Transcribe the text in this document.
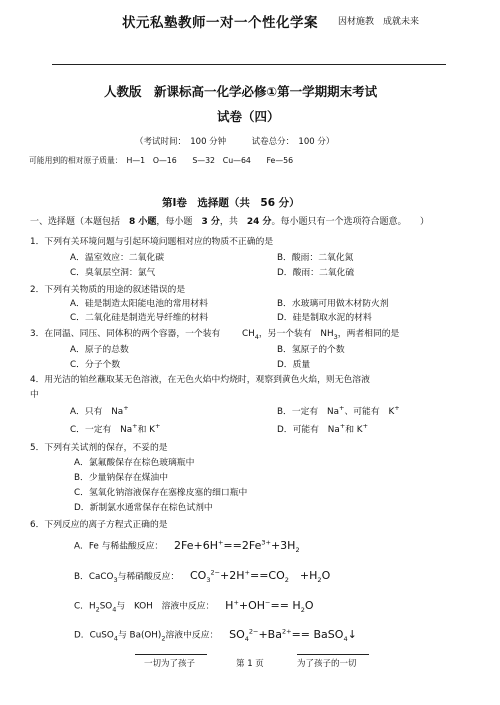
状元私塾教师一对一个性化学案 因材施教　成就未来
人教版　新课标高一化学必修①第一学期期末考试
试卷（四）
（考试时间：　100 分钟　　　试卷总分：　100 分）
可能用到的相对原子质量：　H—1　O—16　　S—32　Cu—64　　Fe—56
第Ⅰ卷　选择题（共　56 分）
一、选择题（本题包括　8 小题，每小题　3 分，共　24 分。每小题只有一个选项符合题意。　　）
1．下列有关环境问题与引起环境问题相对应的物质不正确的是
A．温室效应：二氧化碳	B．酸雨：二氧化氮
C．臭氧层空洞：氯气	D．酸雨：二氧化硫
2．下列有关物质的用途的叙述错误的是
A．硅是制造太阳能电池的常用材料	B．水玻璃可用做木材防火剂
C．二氧化硅是制造光导纤维的材料	D．硅是制取水泥的材料
3．在同温、同压、同体积的两个容器，一个装有 $CH_4$，另一个装有　$NH_3$，两者相同的是
A．原子的总数	B．氢原子的个数
C．分子个数	D．质量
4．用光洁的铂丝蘸取某无色溶液，在无色火焰中灼烧时，观察到黄色火焰，则无色溶液
中
A．只有　Na+	B．一定有　Na+、可能有　K+
C．一定有　Na+和 K+	D．可能有　Na+和 K+
5．下列有关试剂的保存，不妥的是
A．氯氟酸保存在棕色玻璃瓶中
B．少量钠保存在煤油中
C．氢氧化钠溶液保存在塞橡皮塞的细口瓶中
D．新制氯水通常保存在棕色试剂中
6．下列反应的离子方程式正确的是
A．Fe 与稀盐酸反应： $2Fe+6H^+==2Fe^{3+}+3H_2$
B．CaCO$_3$与稀硝酸反应： $CO_3^{2-}+2H^+==CO_2$　$+H_2O$
C．$H_2SO_4$与　KOH　溶液中反应： $H^++OH^-== H_2O$
D．CuSO$_4$与 $Ba(OH)_2$溶液中反应： $SO_4^{2-}+Ba^{2+}==$ BaSO$_4$↓
一切为了孩子	第 1 页	为了孩子的一切
